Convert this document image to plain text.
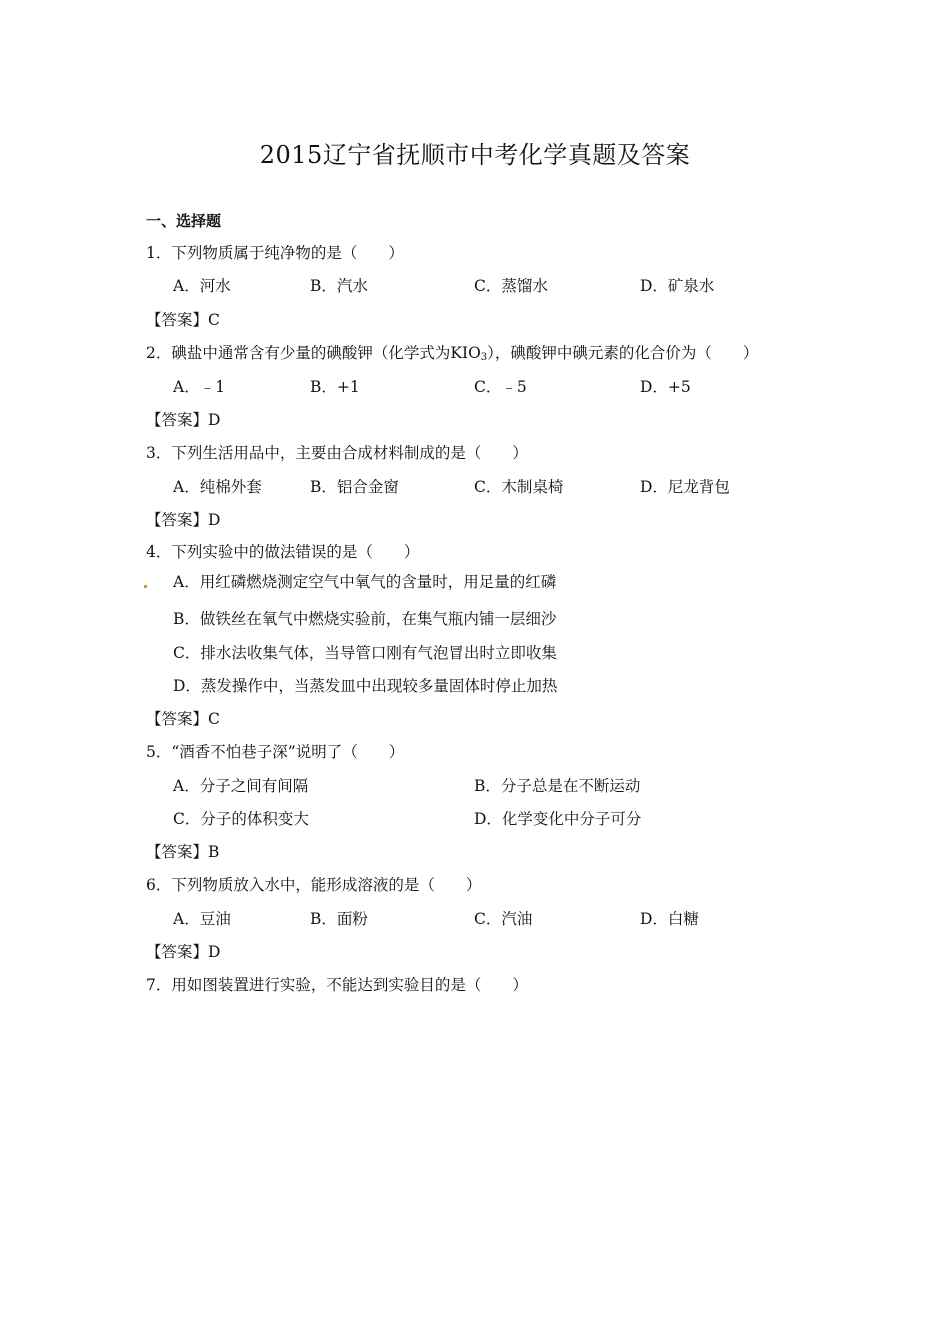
2015辽宁省抚顺市中考化学真题及答案
一、选择题
1．下列物质属于纯净物的是（　　）
A．河水	B．汽水	C．蒸馏水	D．矿泉水
【答案】C
2．碘盐中通常含有少量的碘酸钾（化学式为$KIO_3$），碘酸钾中碘元素的化合价为（　　）
A．﹣1	B．+1	C．﹣5	D．+5
【答案】D
3．下列生活用品中，主要由合成材料制成的是（　　）
A．纯棉外套	B．铝合金窗	C．木制桌椅	D．尼龙背包
【答案】D
4．下列实验中的做法错误的是（　　）
A．用红磷燃烧测定空气中氧气的含量时，用足量的红磷
B．做铁丝在氧气中燃烧实验前，在集气瓶内铺一层细沙
C．排水法收集气体，当导管口刚有气泡冒出时立即收集
D．蒸发操作中，当蒸发皿中出现较多量固体时停止加热
【答案】C
5．“酒香不怕巷子深”说明了（　　）
A．分子之间有间隔	B．分子总是在不断运动
C．分子的体积变大	D．化学变化中分子可分
【答案】B
6．下列物质放入水中，能形成溶液的是（　　）
A．豆油	B．面粉	C．汽油	D．白糖
【答案】D
7．用如图装置进行实验，不能达到实验目的是（　　）
